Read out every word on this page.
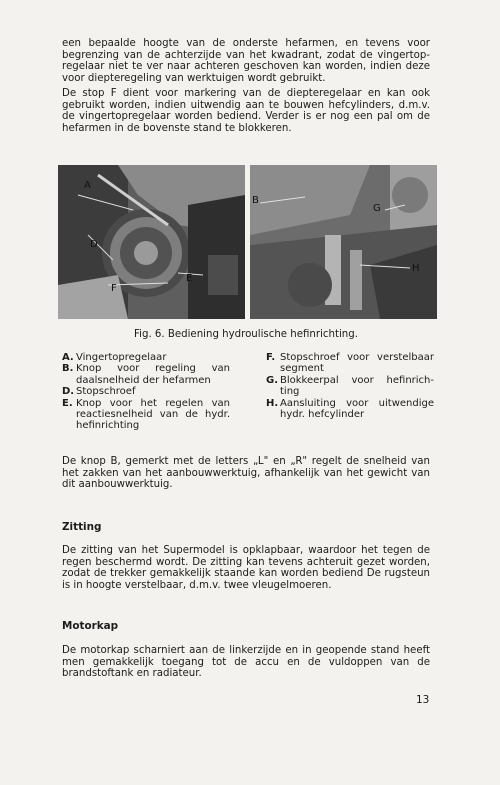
een bepaalde hoogte van de onderste hefarmen, en tevens voor begrenzing van de achterzijde van het kwadrant, zodat de vingertop-regelaar niet te ver naar achteren geschoven kan worden, indien deze voor diepteregeling van werktuigen wordt gebruikt.

De stop F dient voor markering van de diepteregelaar en kan ook gebruikt worden, indien uitwendig aan te bouwen hefcylinders, d.m.v. de vingertopregelaar worden bediend. Verder is er nog een pal om de hefarmen in de bovenste stand te blokkeren.

A
D
E
F
B
G
H
Fig. 6. Bediening hydroulische hefinrichting.
A. Vingertopregelaar
B. Knop voor regeling van daalsnelheid der hefarmen
D. Stopschroef
E. Knop voor het regelen van reactiesnelheid van de hydr. hefinrichting
F. Stopschroef voor verstelbaar segment
G. Blokkeerpal voor hefinrich-ting
H. Aansluiting voor uitwendige hydr. hefcylinder

De knop B, gemerkt met de letters „L" en „R" regelt de snelheid van het zakken van het aanbouwwerktuig, afhankelijk van het gewicht van dit aanbouwwerktuig.

Zitting

De zitting van het Supermodel is opklapbaar, waardoor het tegen de regen beschermd wordt. De zitting kan tevens achteruit gezet worden, zodat de trekker gemakkelijk staande kan worden bediend De rugsteun is in hoogte verstelbaar, d.m.v. twee vleugelmoeren.

Motorkap

De motorkap scharniert aan de linkerzijde en in geopende stand heeft men gemakkelijk toegang tot de accu en de vuldoppen van de brandstoftank en radiateur.

13
